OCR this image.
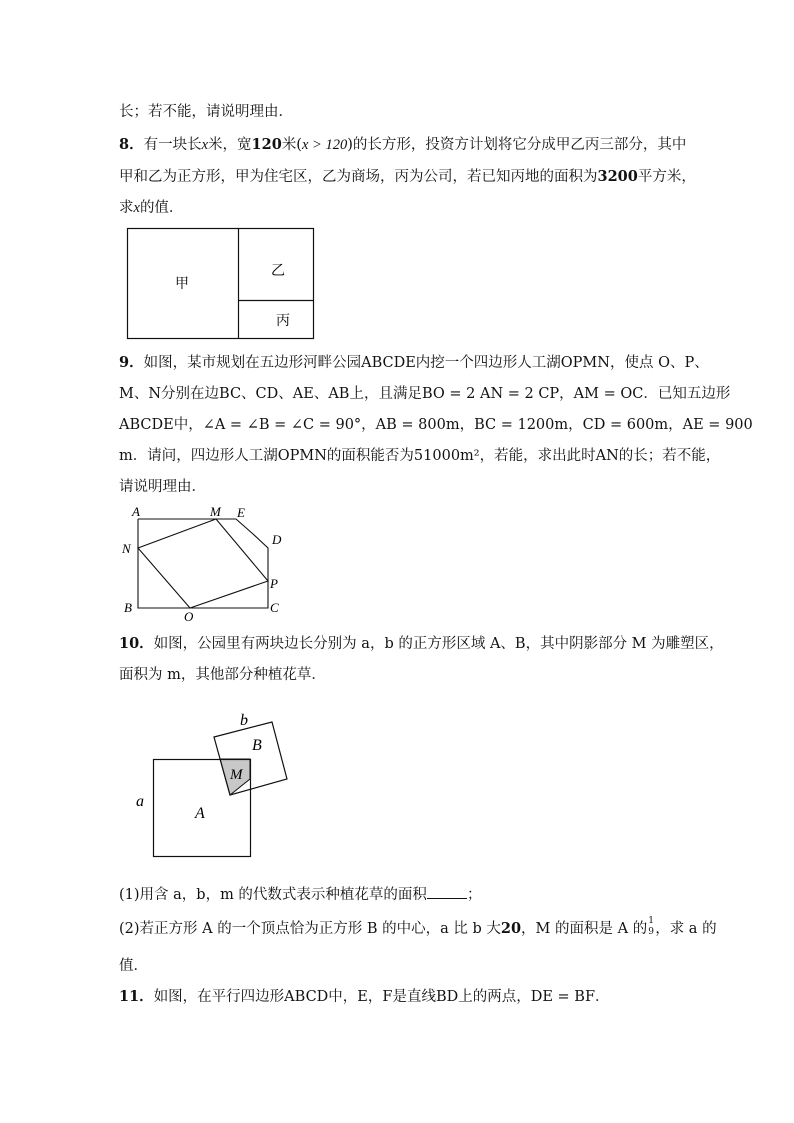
长；若不能，请说明理由．
8．有一块长x米，宽120米(x > 120)的长方形，投资方计划将它分成甲乙丙三部分，其中
甲和乙为正方形，甲为住宅区，乙为商场，丙为公司，若已知丙地的面积为3200平方米，
求x的值．
甲
乙
丙
9．如图，某市规划在五边形河畔公园ABCDE内挖一个四边形人工湖OPMN，使点 O、P、
M、N分别在边BC、CD、AE、AB上，且满足BO = 2 AN = 2 CP，AM = OC．已知五边形
ABCDE中，∠A = ∠B = ∠C = 90°，AB = 800m，BC = 1200m，CD = 600m，AE = 900
m．请问，四边形人工湖OPMN的面积能否为51000m²，若能，求出此时AN的长；若不能，
请说明理由．
A	M E
D
N
P
B
O
C
10．如图，公园里有两块边长分别为 a，b 的正方形区域 A、B，其中阴影部分 M 为雕塑区，
面积为 m，其他部分种植花草．
b
B
M
a
A
(1)用含 a，b，m 的代数式表示种植花草的面积	；
(2)若正方形 A 的一个顶点恰为正方形 B 的中心，a 比 b 大20，M 的面积是 A 的 1
9 ，求 a 的
值．
11．如图，在平行四边形ABCD中，E，F是直线BD上的两点，DE = BF．
